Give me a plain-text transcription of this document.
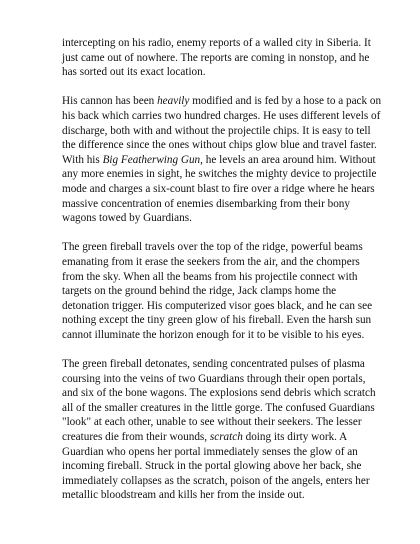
intercepting on his radio, enemy reports of a walled city in Siberia. It just came out of nowhere. The reports are coming in nonstop, and he has sorted out its exact location.

His cannon has been heavily modified and is fed by a hose to a pack on his back which carries two hundred charges. He uses different levels of discharge, both with and without the projectile chips. It is easy to tell the difference since the ones without chips glow blue and travel faster. With his Big Featherwing Gun, he levels an area around him. Without any more enemies in sight, he switches the mighty device to projectile mode and charges a six-count blast to fire over a ridge where he hears massive concentration of enemies disembarking from their bony wagons towed by Guardians.

The green fireball travels over the top of the ridge, powerful beams emanating from it erase the seekers from the air, and the chompers from the sky. When all the beams from his projectile connect with targets on the ground behind the ridge, Jack clamps home the detonation trigger. His computerized visor goes black, and he can see nothing except the tiny green glow of his fireball. Even the harsh sun cannot illuminate the horizon enough for it to be visible to his eyes.

The green fireball detonates, sending concentrated pulses of plasma coursing into the veins of two Guardians through their open portals, and six of the bone wagons. The explosions send debris which scratch all of the smaller creatures in the little gorge. The confused Guardians "look" at each other, unable to see without their seekers. The lesser creatures die from their wounds, scratch doing its dirty work. A Guardian who opens her portal immediately senses the glow of an incoming fireball. Struck in the portal glowing above her back, she immediately collapses as the scratch, poison of the angels, enters her metallic bloodstream and kills her from the inside out.
